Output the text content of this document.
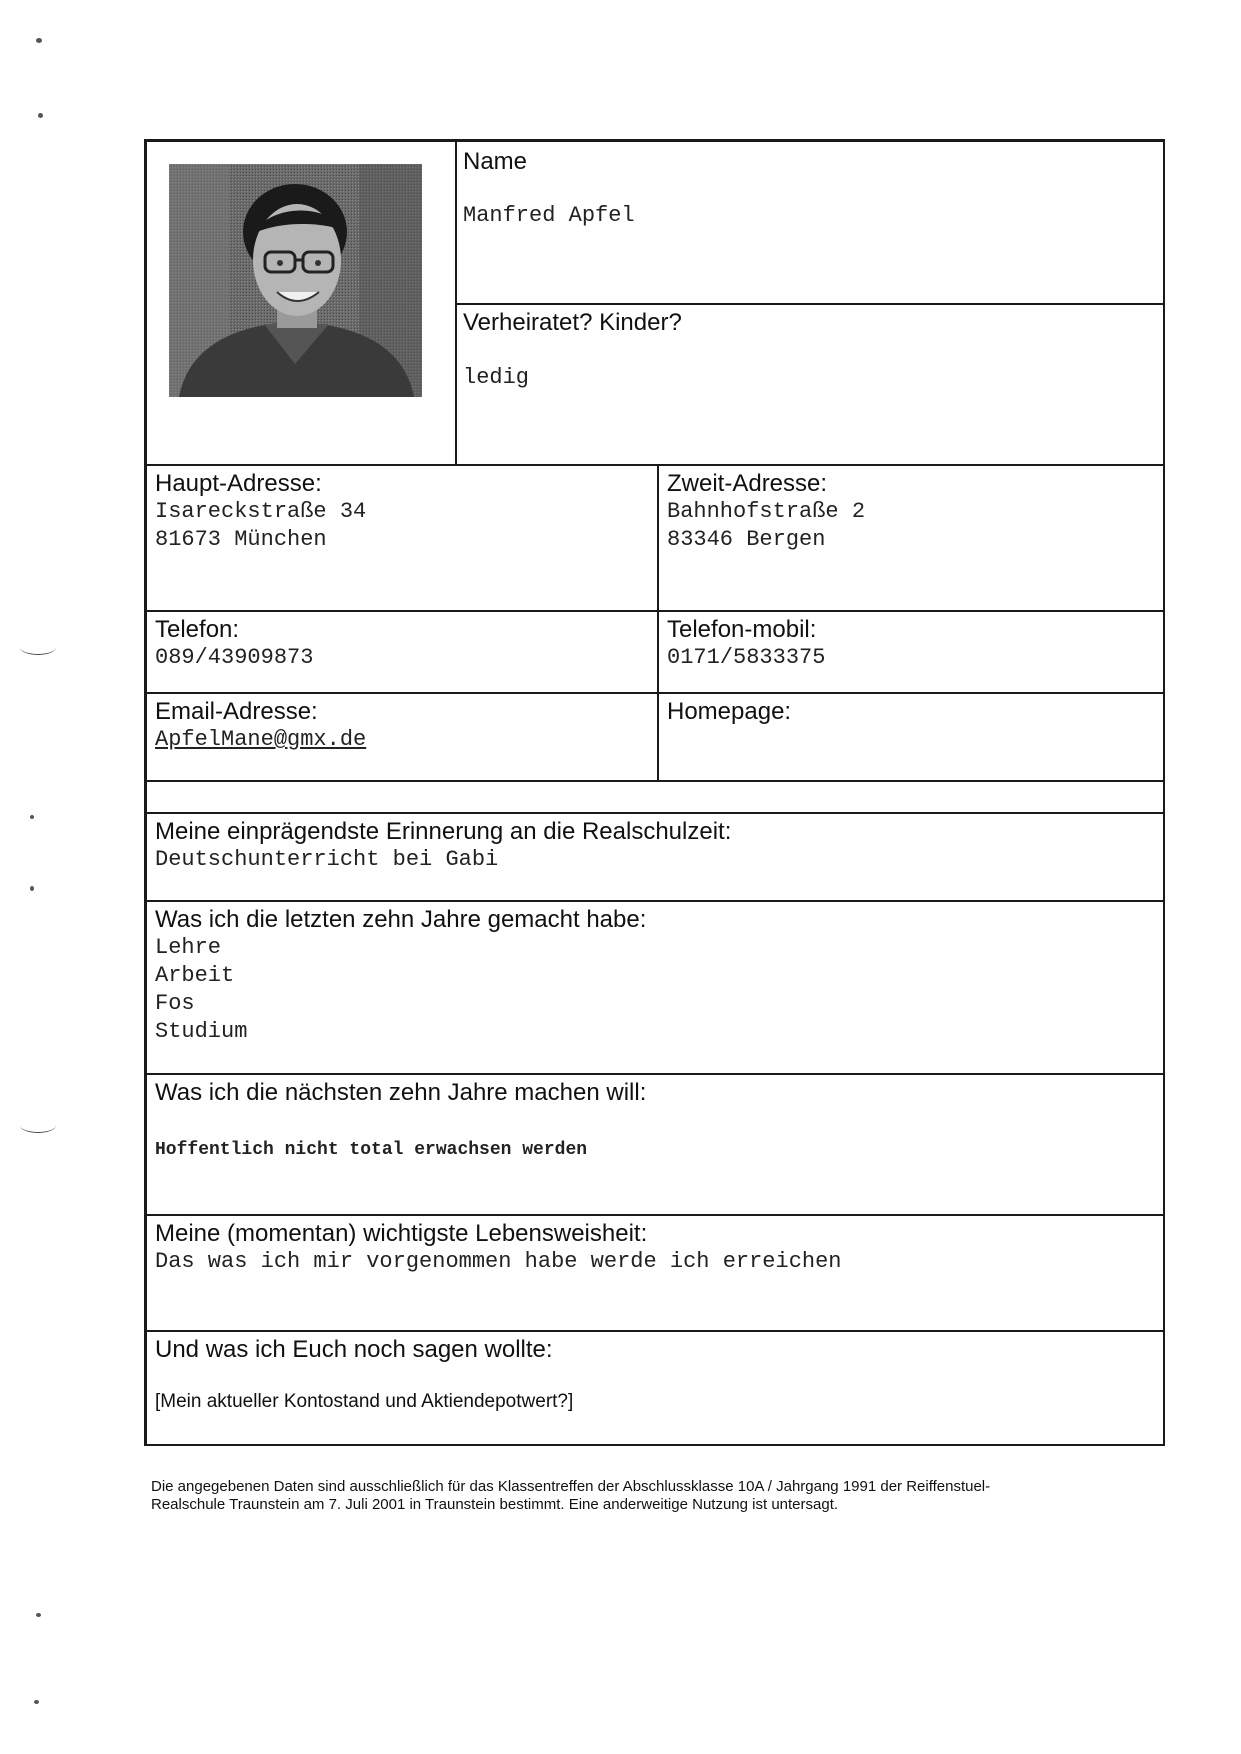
Name
Manfred Apfel
Verheiratet? Kinder?
ledig
Haupt-Adresse:
Isareckstraße 34
81673 München
Zweit-Adresse:
Bahnhofstraße 2
83346 Bergen
Telefon:
089/43909873
Telefon-mobil:
0171/5833375
Email-Adresse:
ApfelMane@gmx.de
Homepage:
Meine einprägendste Erinnerung an die Realschulzeit:
Deutschunterricht bei Gabi
Was ich die letzten zehn Jahre gemacht habe:
Lehre
Arbeit
Fos
Studium
Was ich die nächsten zehn Jahre machen will:
Hoffentlich nicht total erwachsen werden
Meine (momentan) wichtigste Lebensweisheit:
Das was ich mir vorgenommen habe werde ich erreichen
Und was ich Euch noch sagen wollte:
[Mein aktueller Kontostand und Aktiendepotwert?]
Die angegebenen Daten sind ausschließlich für das Klassentreffen der Abschlussklasse 10A / Jahrgang 1991 der Reiffenstuel-
Realschule Traunstein am 7. Juli 2001 in Traunstein bestimmt. Eine anderweitige Nutzung ist untersagt.
